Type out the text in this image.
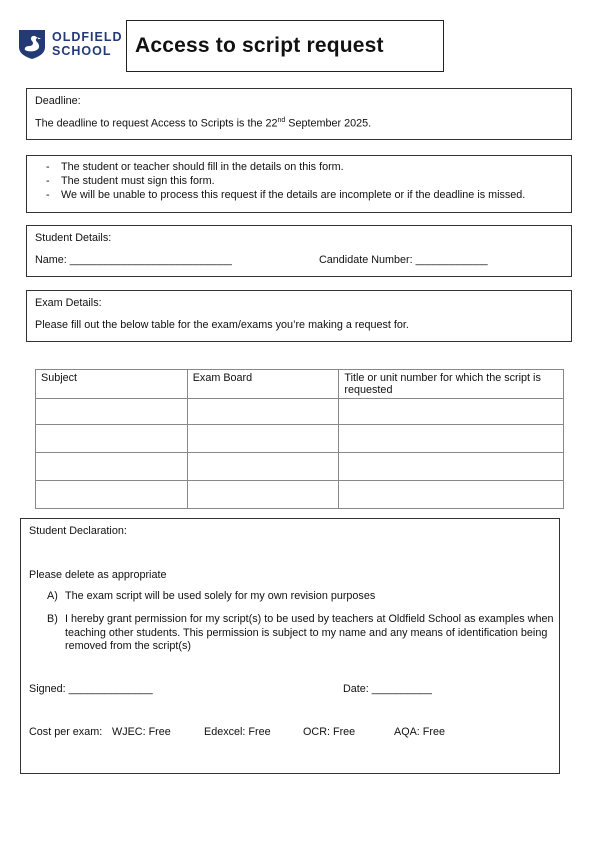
OLDFIELD
SCHOOL	Access to script request
Deadline:
The deadline to request Access to Scripts is the 22nd September 2025.
- The student or teacher should fill in the details on this form.
- The student must sign this form.
- We will be unable to process this request if the details are incomplete or if the deadline is missed.
Student Details:
Name: ___________________________	Candidate Number: ____________
Exam Details:
Please fill out the below table for the exam/exams you’re making a request for.
Subject	Exam Board	Title or unit number for which the script is requested

Student Declaration:
Please delete as appropriate
A) The exam script will be used solely for my own revision purposes
B) I hereby grant permission for my script(s) to be used by teachers at Oldfield School as examples when teaching other students. This permission is subject to my name and any means of identification being removed from the script(s)
Signed: ______________	Date: __________
Cost per exam: WJEC: Free	Edexcel: Free	OCR: Free	AQA: Free
